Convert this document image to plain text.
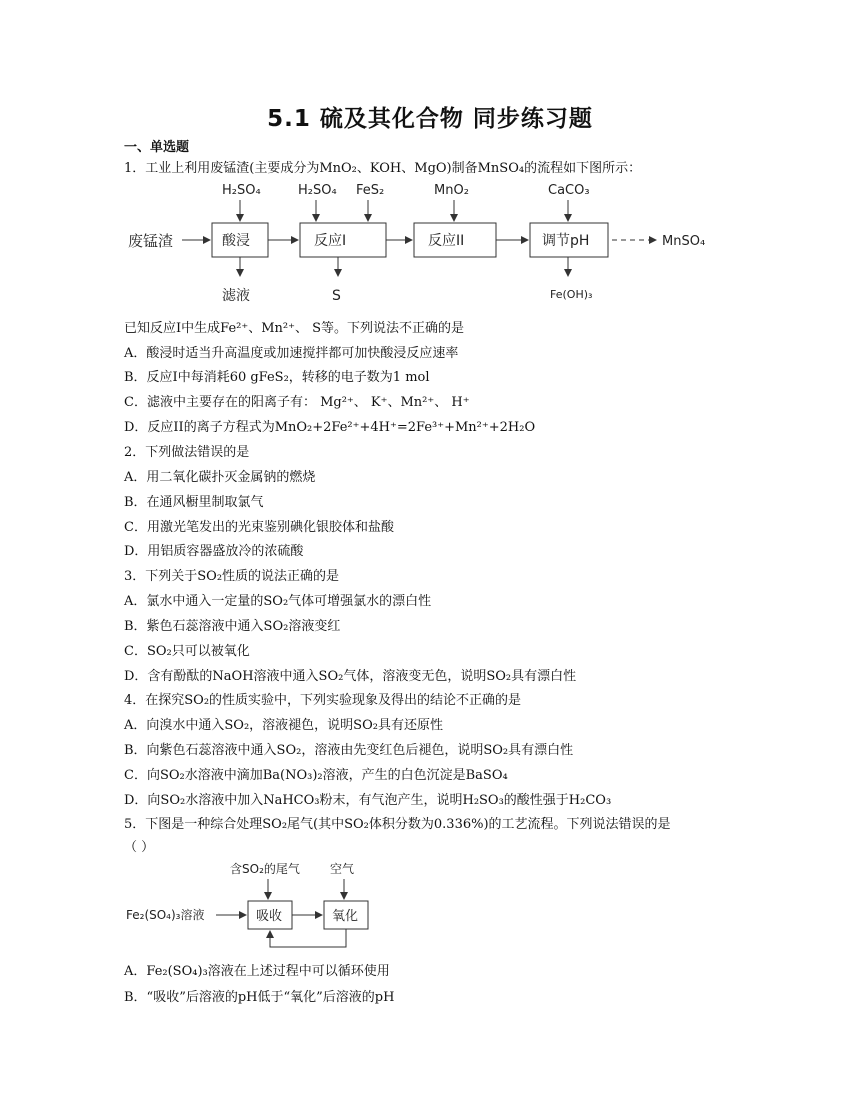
5.1 硫及其化合物 同步练习题
一、单选题
1．工业上利用废锰渣(主要成分为MnO₂、KOH、MgO)制备MnSO₄的流程如下图所示：
废锰渣	酸浸
H₂SO₄
滤液
反应I
H₂SO₄ FeS₂
S
反应II
MnO₂
调节pH
CaCO₃
Fe(OH)₃
MnSO₄
已知反应I中生成Fe²⁺、Mn²⁺、 S等。下列说法不正确的是
A．酸浸时适当升高温度或加速搅拌都可加快酸浸反应速率
B．反应I中每消耗60 gFeS₂，转移的电子数为1 mol
C．滤液中主要存在的阳离子有： Mg²⁺、 K⁺、Mn²⁺、 H⁺
D．反应II的离子方程式为MnO₂+2Fe²⁺+4H⁺=2Fe³⁺+Mn²⁺+2H₂O
2．下列做法错误的是
A．用二氧化碳扑灭金属钠的燃烧
B．在通风橱里制取氯气
C．用激光笔发出的光束鉴别碘化银胶体和盐酸
D．用铝质容器盛放冷的浓硫酸
3．下列关于SO₂性质的说法正确的是
A．氯水中通入一定量的SO₂气体可增强氯水的漂白性
B．紫色石蕊溶液中通入SO₂溶液变红
C．SO₂只可以被氧化
D．含有酚酞的NaOH溶液中通入SO₂气体，溶液变无色，说明SO₂具有漂白性
4．在探究SO₂的性质实验中，下列实验现象及得出的结论不正确的是
A．向溴水中通入SO₂，溶液褪色，说明SO₂具有还原性
B．向紫色石蕊溶液中通入SO₂，溶液由先变红色后褪色，说明SO₂具有漂白性
C．向SO₂水溶液中滴加Ba(NO₃)₂溶液，产生的白色沉淀是BaSO₄
D．向SO₂水溶液中加入NaHCO₃粉末，有气泡产生，说明H₂SO₃的酸性强于H₂CO₃
5．下图是一种综合处理SO₂尾气(其中SO₂体积分数为0.336%)的工艺流程。下列说法错误的是
（ ）
含SO₂的尾气	空气
Fe₂(SO₄)₃溶液	吸收	氧化
A．Fe₂(SO₄)₃溶液在上述过程中可以循环使用
B．“吸收”后溶液的pH低于“氧化”后溶液的pH
